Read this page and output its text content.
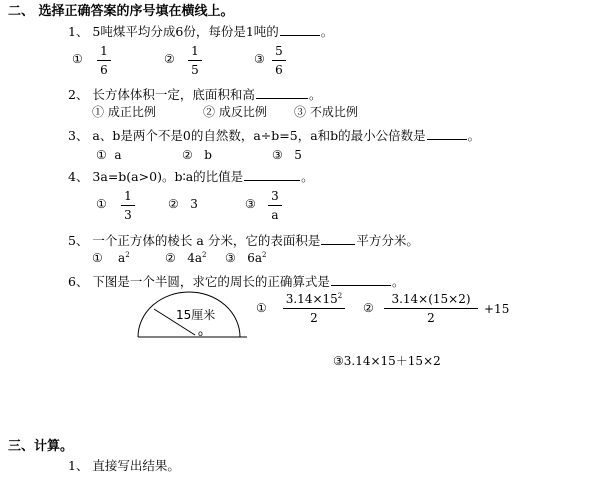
二、 选择正确答案的序号填在横线上。
1、 5吨煤平均分成6份，每份是1吨的	。
①
1
6
②
1
5
③
5
6
2、 长方体体积一定，底面积和高	。
① 成正比例	② 成反比例 ③ 不成比例
3、 a、b是两个不是0的自然数，a÷b=5，a和b的最小公倍数是	。
① a	② b	③ 5
4、 3a=b(a>0)。b∶a的比值是	。
①
1
3
② 3	③
3
a
5、 一个正方体的棱长 a 分米，它的表面积是	平方分米。
① $a^2$	② $4a^2$ ③ $6a^2$
6、 下图是一个半圆，求它的周长的正确算式是	。
15厘米
o
①
$3.14\times 15^2$
2
②
3.14×(15×2)
2
+15
③3.14×15＋15×2
三、计算。
1、 直接写出结果。
